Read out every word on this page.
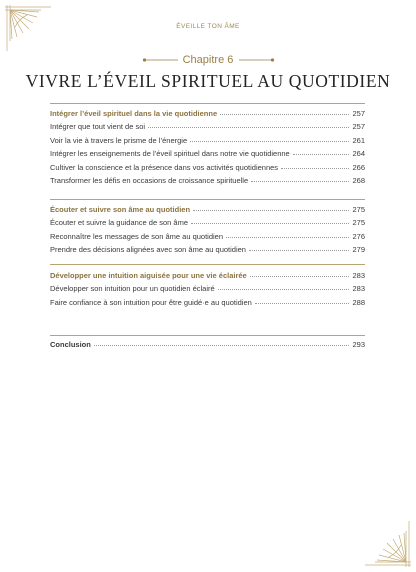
ÉVEILLE TON ÂME
Chapitre 6
VIVRE L’ÉVEIL SPIRITUEL AU QUOTIDIEN
Intégrer l’éveil spirituel dans la vie quotidienne	257
Intégrer que tout vient de soi	257
Voir la vie à travers le prisme de l’énergie	261
Intégrer les enseignements de l’éveil spirituel dans notre vie quotidienne	264
Cultiver la conscience et la présence dans vos activités quotidiennes	266
Transformer les défis en occasions de croissance spirituelle	268
Écouter et suivre son âme au quotidien	275
Écouter et suivre la guidance de son âme	275
Reconnaître les messages de son âme au quotidien	276
Prendre des décisions alignées avec son âme au quotidien	279
Développer une intuition aiguisée pour une vie éclairée	283
Développer son intuition pour un quotidien éclairé	283
Faire confiance à son intuition pour être guidé·e au quotidien	288
Conclusion	293
